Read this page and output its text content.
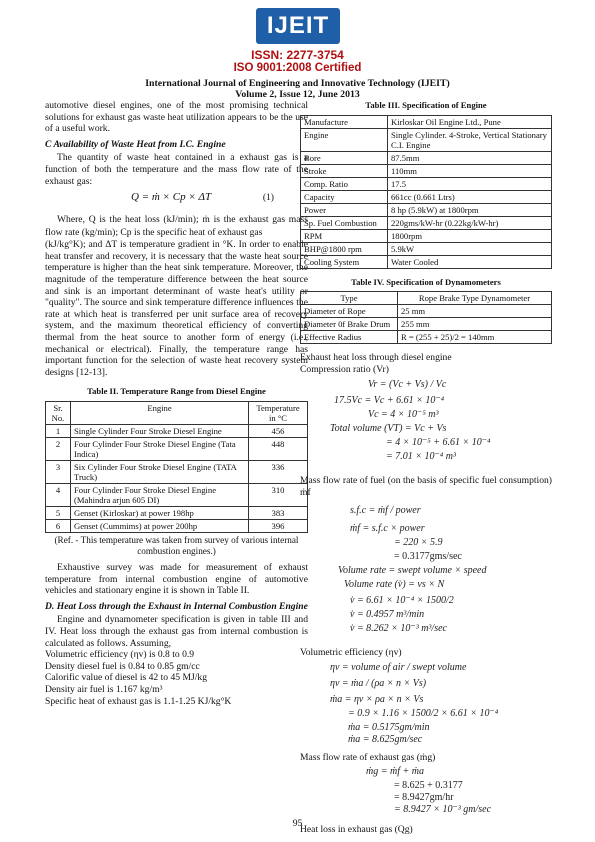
IJEIT
ISSN: 2277-3754
ISO 9001:2008 Certified
International Journal of Engineering and Innovative Technology (IJEIT)
Volume 2, Issue 12, June 2013

automotive diesel engines, one of the most promising technical solutions for exhaust gas waste heat utilization appears to be the use of a useful work.

C Availability of Waste Heat from I.C. Engine

The quantity of waste heat contained in a exhaust gas is a function of both the temperature and the mass flow rate of the exhaust gas:

Q = ṁ × Cp × ΔT	(1)

Where, Q is the heat loss (kJ/min); ṁ is the exhaust gas mass flow rate (kg/min); Cp is the specific heat of exhaust gas

(kJ/kg°K); and ΔT is temperature gradient in °K. In order to enable heat transfer and recovery, it is necessary that the waste heat source temperature is higher than the heat sink temperature. Moreover, the magnitude of the temperature difference between the heat source and sink is an important determinant of waste heat's utility or "quality". The source and sink temperature difference influences the rate at which heat is transferred per unit surface area of recovery system, and the maximum theoretical efficiency of converting thermal from the heat source to another form of energy (i.e., mechanical or electrical). Finally, the temperature range has important function for the selection of waste heat recovery system designs [12-13].

Table II. Temperature Range from Diesel Engine
Sr. No.	Engine	Temperature in °C
1	Single Cylinder Four Stroke Diesel Engine	456
2	Four Cylinder Four Stroke Diesel Engine (Tata Indica)	448
3	Six Cylinder Four Stroke Diesel Engine (TATA Truck)	336
4	Four Cylinder Four Stroke Diesel Engine (Mahindra arjun 605 DI)	310
5	Genset (Kirloskar) at power 198hp	383
6	Genset (Cummims) at power 200hp	396
(Ref. - This temperature was taken from survey of various internal combustion engines.)

Exhaustive survey was made for measurement of exhaust temperature from internal combustion engine of automotive vehicles and stationary engine it is shown in Table II.

D. Heat Loss through the Exhaust in Internal Combustion Engine

Engine and dynamometer specification is given in table III and IV. Heat loss through the exhaust gas from internal combustion is calculated as follows. Assuming,

Volumetric efficiency (ηv) is 0.8 to 0.9
Density diesel fuel is 0.84 to 0.85 gm/cc
Calorific value of diesel is 42 to 45 MJ/kg
Density air fuel is 1.167 kg/m³
Specific heat of exhaust gas is 1.1-1.25 KJ/kg°K
Table III. Specification of Engine
Manufacture	Kirloskar Oil Engine Ltd., Pune
Engine	Single Cylinder. 4-Stroke, Vertical Stationary C.I. Engine
Bore	87.5mm
Stroke	110mm
Comp. Ratio	17.5
Capacity	661cc (0.661 Ltrs)
Power	8 hp (5.9kW) at 1800rpm
Sp. Fuel Combustion	220gms/kW-hr (0.22kg/kW-hr)
RPM	1800rpm
BHP@1800 rpm	5.9kW
Cooling System	Water Cooled
Table IV. Specification of Dynamometers
Type	Rope Brake Type Dynamometer
Diameter of Rope	25 mm
Diameter 0f Brake Drum	255 mm
Effective Radius	R = (255 + 25)/2 = 140mm
Exhaust heat loss through diesel engine
Compression ratio (Vr)
Vr = (Vc + Vs) / Vc
17.5Vc = Vc + 6.61 × 10⁻⁴
Vc = 4 × 10⁻⁵ m³
Total volume (VT) = Vc + Vs
= 4 × 10⁻⁵ + 6.61 × 10⁻⁴
= 7.01 × 10⁻⁴ m³

Mass flow rate of fuel (on the basis of specific fuel consumption) ṁf

s.f.c = ṁf / power
ṁf = s.f.c × power
= 220 × 5.9
= 0.3177gms/sec
Volume rate = swept volume × speed
Volume rate (v̇) = vs × N
v̇ = 6.61 × 10⁻⁴ × 1500/2
v̇ = 0.4957 m³/min
v̇ = 8.262 × 10⁻³ m³/sec
Volumetric efficiency (ηv)
ηv = volume of air / swept volume
ηv = ṁa / (ρa × n × Vs)
ṁa = ηv × ρa × n × Vs
= 0.9 × 1.16 × 1500/2 × 6.61 × 10⁻⁴
ṁa = 0.5175gm/min
ṁa = 8.625gm/sec
Mass flow rate of exhaust gas (ṁg)
ṁg = ṁf + ṁa
= 8.625 + 0.3177
= 8.9427gm/hr
= 8.9427 × 10⁻³ gm/sec
Heat loss in exhaust gas (Qg)
95
